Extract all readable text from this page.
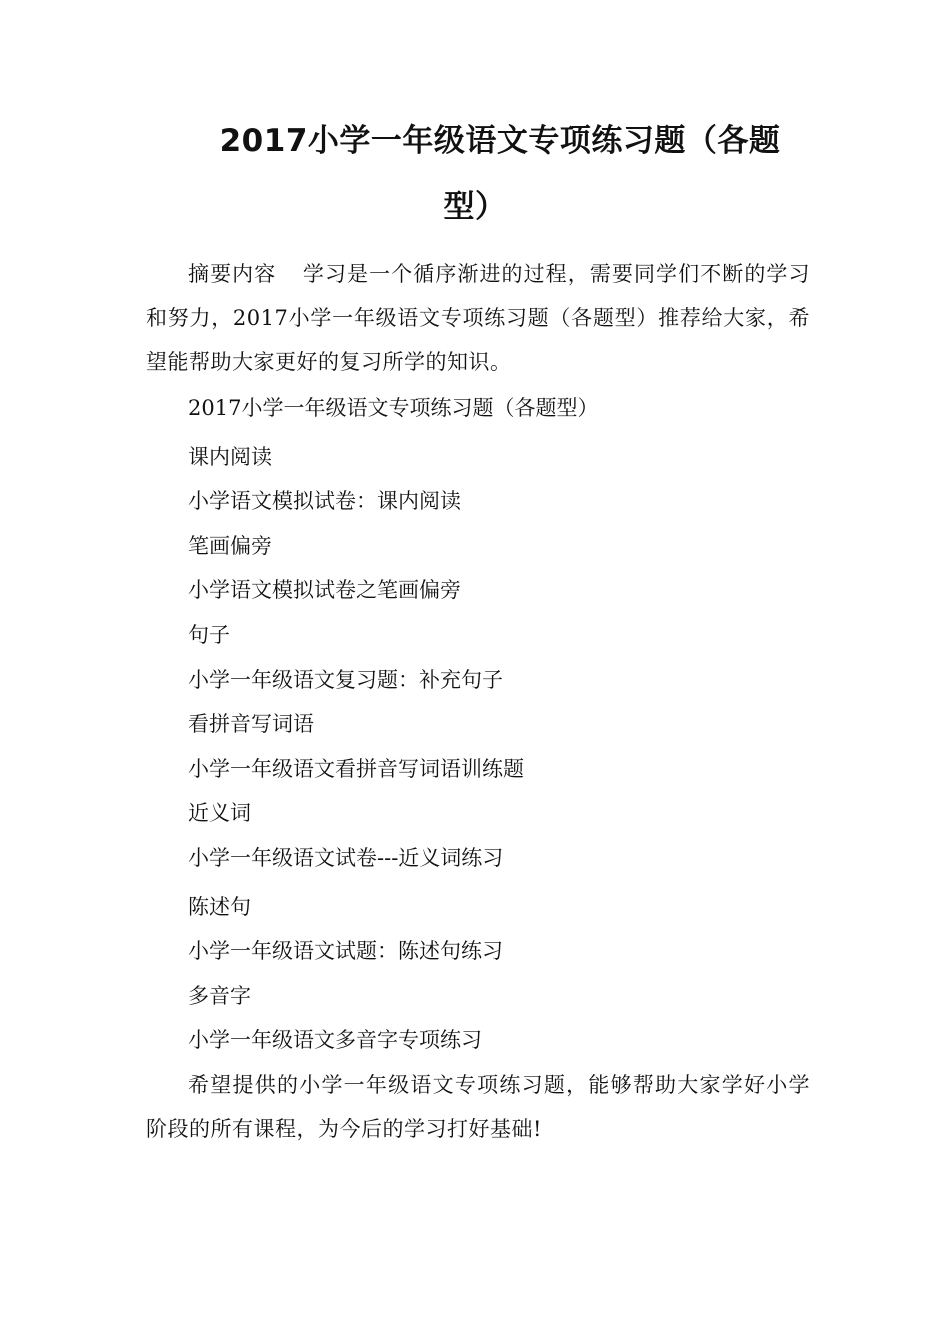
2017小学一年级语文专项练习题（各题
型）

摘要内容 学习是一个循序渐进的过程，需要同学们不断的学习和努力，2017小学一年级语文专项练习题（各题型）推荐给大家，希望能帮助大家更好的复习所学的知识。

2017小学一年级语文专项练习题（各题型）

课内阅读

小学语文模拟试卷：课内阅读

笔画偏旁

小学语文模拟试卷之笔画偏旁

句子

小学一年级语文复习题：补充句子

看拼音写词语

小学一年级语文看拼音写词语训练题

近义词

小学一年级语文试卷---近义词练习

陈述句

小学一年级语文试题：陈述句练习

多音字

小学一年级语文多音字专项练习

希望提供的小学一年级语文专项练习题，能够帮助大家学好小学阶段的所有课程，为今后的学习打好基础!
